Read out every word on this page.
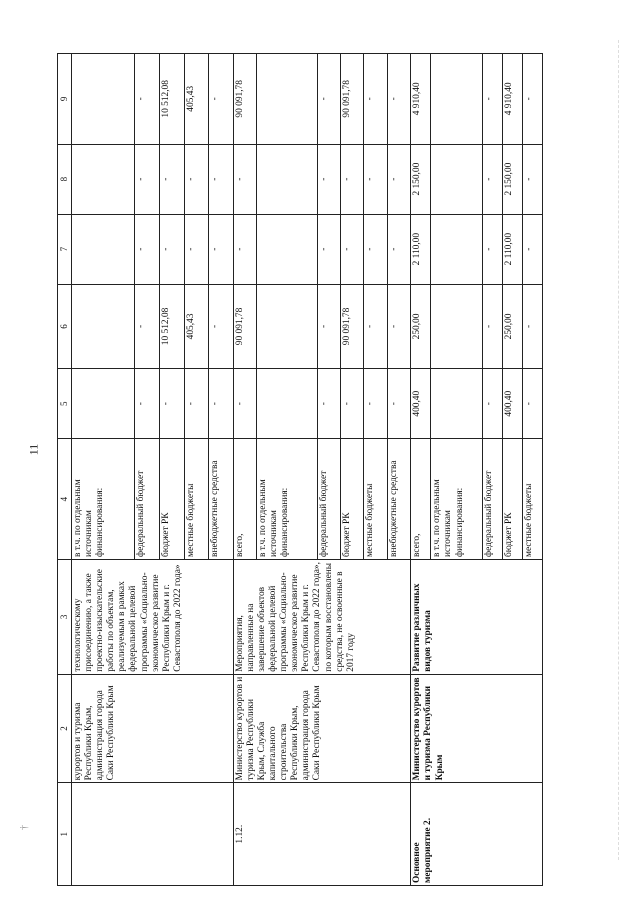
11
†
1	2	3	4	5	6	7	8	9
	курортов и туризма Республики Крым, администрация города Саки Республики Крым	технологическому присоединению, а также проектно-изыскательские работы по объектам, реализуемым в рамках федеральной целевой программы «Социально-экономическое развитие Республики Крым и г. Севастополя до 2022 года»	в т.ч. по отдельным источникам финансирования:					
			федеральный бюджет	-	-	-	-	-
			бюджет РК	-	10 512,08	-	-	10 512,08
			местные бюджеты	-	405,43	-	-	405,43
			внебюджетные средства	-	-	-	-	-
1.12.	Министерство курортов и туризма Республики Крым, Служба капитального строительства Республики Крым, администрация города Саки Республики Крым	Мероприятия, направленные на завершение объектов федеральной целевой программы «Социально-экономическое развитие Республики Крым и г. Севастополя до 2022 года», по которым восстановлены средства, не освоенные в 2017 году	всего,	-	90 091,78	-	-	90 091,78
			в т.ч. по отдельным источникам финансирования:					
			федеральный бюджет	-	-	-	-	-
			бюджет РК	-	90 091,78	-	-	90 091,78
			местные бюджеты	-	-	-	-	-
			внебюджетные средства	-	-	-	-	-
Основное мероприятие 2.	Министерство курортов и туризма Республики Крым	Развитие различных видов туризма	всего,	400,40	250,00	2 110,00	2 150,00	4 910,40
			в т.ч. по отдельным источникам финансирования:					
			федеральный бюджет	-	-	-	-	-
			бюджет РК	400,40	250,00	2 110,00	2 150,00	4 910,40
			местные бюджеты	-	-	-	-	-
